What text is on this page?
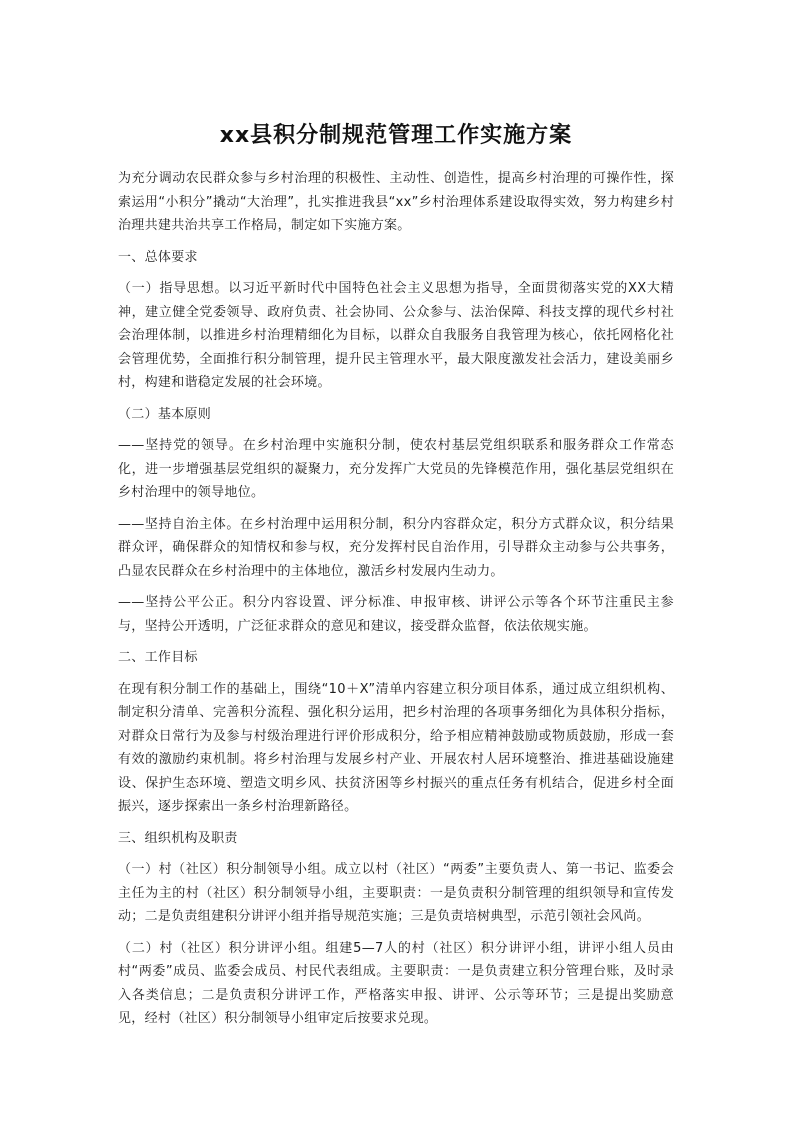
xx县积分制规范管理工作实施方案

为充分调动农民群众参与乡村治理的积极性、主动性、创造性，提高乡村治理的可操作性，探索运用“小积分”撬动“大治理”，扎实推进我县“xx”乡村治理体系建设取得实效，努力构建乡村治理共建共治共享工作格局，制定如下实施方案。

一、总体要求

（一）指导思想。以习近平新时代中国特色社会主义思想为指导，全面贯彻落实党的XX大精神，建立健全党委领导、政府负责、社会协同、公众参与、法治保障、科技支撑的现代乡村社会治理体制，以推进乡村治理精细化为目标，以群众自我服务自我管理为核心，依托网格化社会管理优势，全面推行积分制管理，提升民主管理水平，最大限度激发社会活力，建设美丽乡村，构建和谐稳定发展的社会环境。

（二）基本原则

——坚持党的领导。在乡村治理中实施积分制，使农村基层党组织联系和服务群众工作常态化，进一步增强基层党组织的凝聚力，充分发挥广大党员的先锋模范作用，强化基层党组织在乡村治理中的领导地位。

——坚持自治主体。在乡村治理中运用积分制，积分内容群众定，积分方式群众议，积分结果群众评，确保群众的知情权和参与权，充分发挥村民自治作用，引导群众主动参与公共事务，凸显农民群众在乡村治理中的主体地位，激活乡村发展内生动力。

——坚持公平公正。积分内容设置、评分标准、申报审核、讲评公示等各个环节注重民主参与，坚持公开透明，广泛征求群众的意见和建议，接受群众监督，依法依规实施。

二、工作目标

在现有积分制工作的基础上，围绕“10＋X”清单内容建立积分项目体系，通过成立组织机构、制定积分清单、完善积分流程、强化积分运用，把乡村治理的各项事务细化为具体积分指标，对群众日常行为及参与村级治理进行评价形成积分，给予相应精神鼓励或物质鼓励，形成一套有效的激励约束机制。将乡村治理与发展乡村产业、开展农村人居环境整治、推进基础设施建设、保护生态环境、塑造文明乡风、扶贫济困等乡村振兴的重点任务有机结合，促进乡村全面振兴，逐步探索出一条乡村治理新路径。

三、组织机构及职责

（一）村（社区）积分制领导小组。成立以村（社区）“两委”主要负责人、第一书记、监委会主任为主的村（社区）积分制领导小组，主要职责：一是负责积分制管理的组织领导和宣传发动；二是负责组建积分讲评小组并指导规范实施；三是负责培树典型，示范引领社会风尚。

（二）村（社区）积分讲评小组。组建5—7人的村（社区）积分讲评小组，讲评小组人员由村“两委”成员、监委会成员、村民代表组成。主要职责：一是负责建立积分管理台账，及时录入各类信息；二是负责积分讲评工作，严格落实申报、讲评、公示等环节；三是提出奖励意见，经村（社区）积分制领导小组审定后按要求兑现。
